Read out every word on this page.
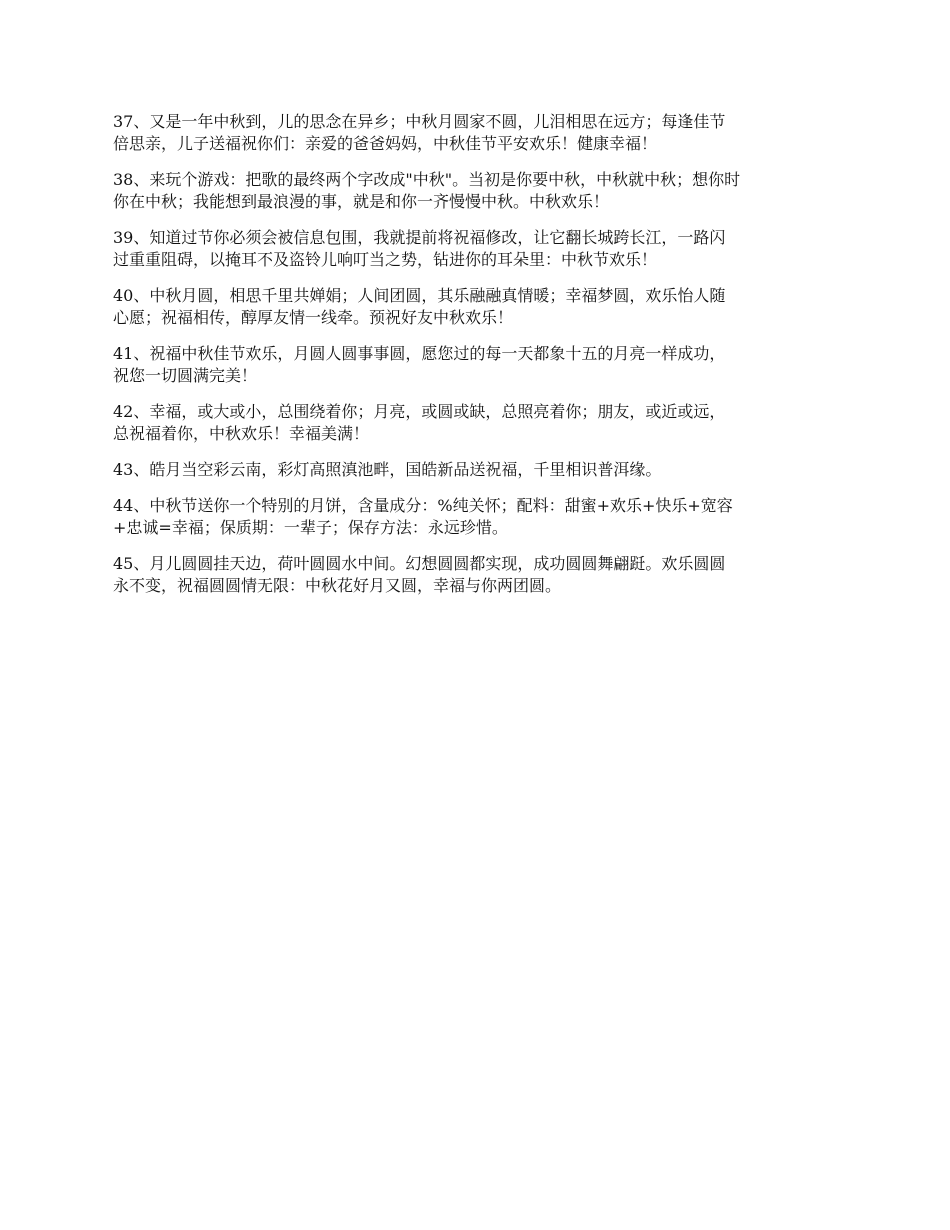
37、又是一年中秋到，儿的思念在异乡；中秋月圆家不圆，儿泪相思在远方；每逢佳节
倍思亲，儿子送福祝你们：亲爱的爸爸妈妈，中秋佳节平安欢乐！健康幸福！

38、来玩个游戏：把歌的最终两个字改成"中秋"。当初是你要中秋，中秋就中秋；想你时
你在中秋；我能想到最浪漫的事，就是和你一齐慢慢中秋。中秋欢乐！

39、知道过节你必须会被信息包围，我就提前将祝福修改，让它翻长城跨长江，一路闪
过重重阻碍，以掩耳不及盗铃儿响叮当之势，钻进你的耳朵里：中秋节欢乐！

40、中秋月圆，相思千里共婵娟；人间团圆，其乐融融真情暖；幸福梦圆，欢乐怡人随
心愿；祝福相传，醇厚友情一线牵。预祝好友中秋欢乐！

41、祝福中秋佳节欢乐，月圆人圆事事圆，愿您过的每一天都象十五的月亮一样成功，
祝您一切圆满完美！

42、幸福，或大或小，总围绕着你；月亮，或圆或缺，总照亮着你；朋友，或近或远，
总祝福着你，中秋欢乐！幸福美满！

43、皓月当空彩云南，彩灯高照滇池畔，国皓新品送祝福，千里相识普洱缘。

44、中秋节送你一个特别的月饼，含量成分：%纯关怀；配料：甜蜜+欢乐+快乐+宽容
+忠诚=幸福；保质期：一辈子；保存方法：永远珍惜。

45、月儿圆圆挂天边，荷叶圆圆水中间。幻想圆圆都实现，成功圆圆舞翩跹。欢乐圆圆
永不变，祝福圆圆情无限：中秋花好月又圆，幸福与你两团圆。
